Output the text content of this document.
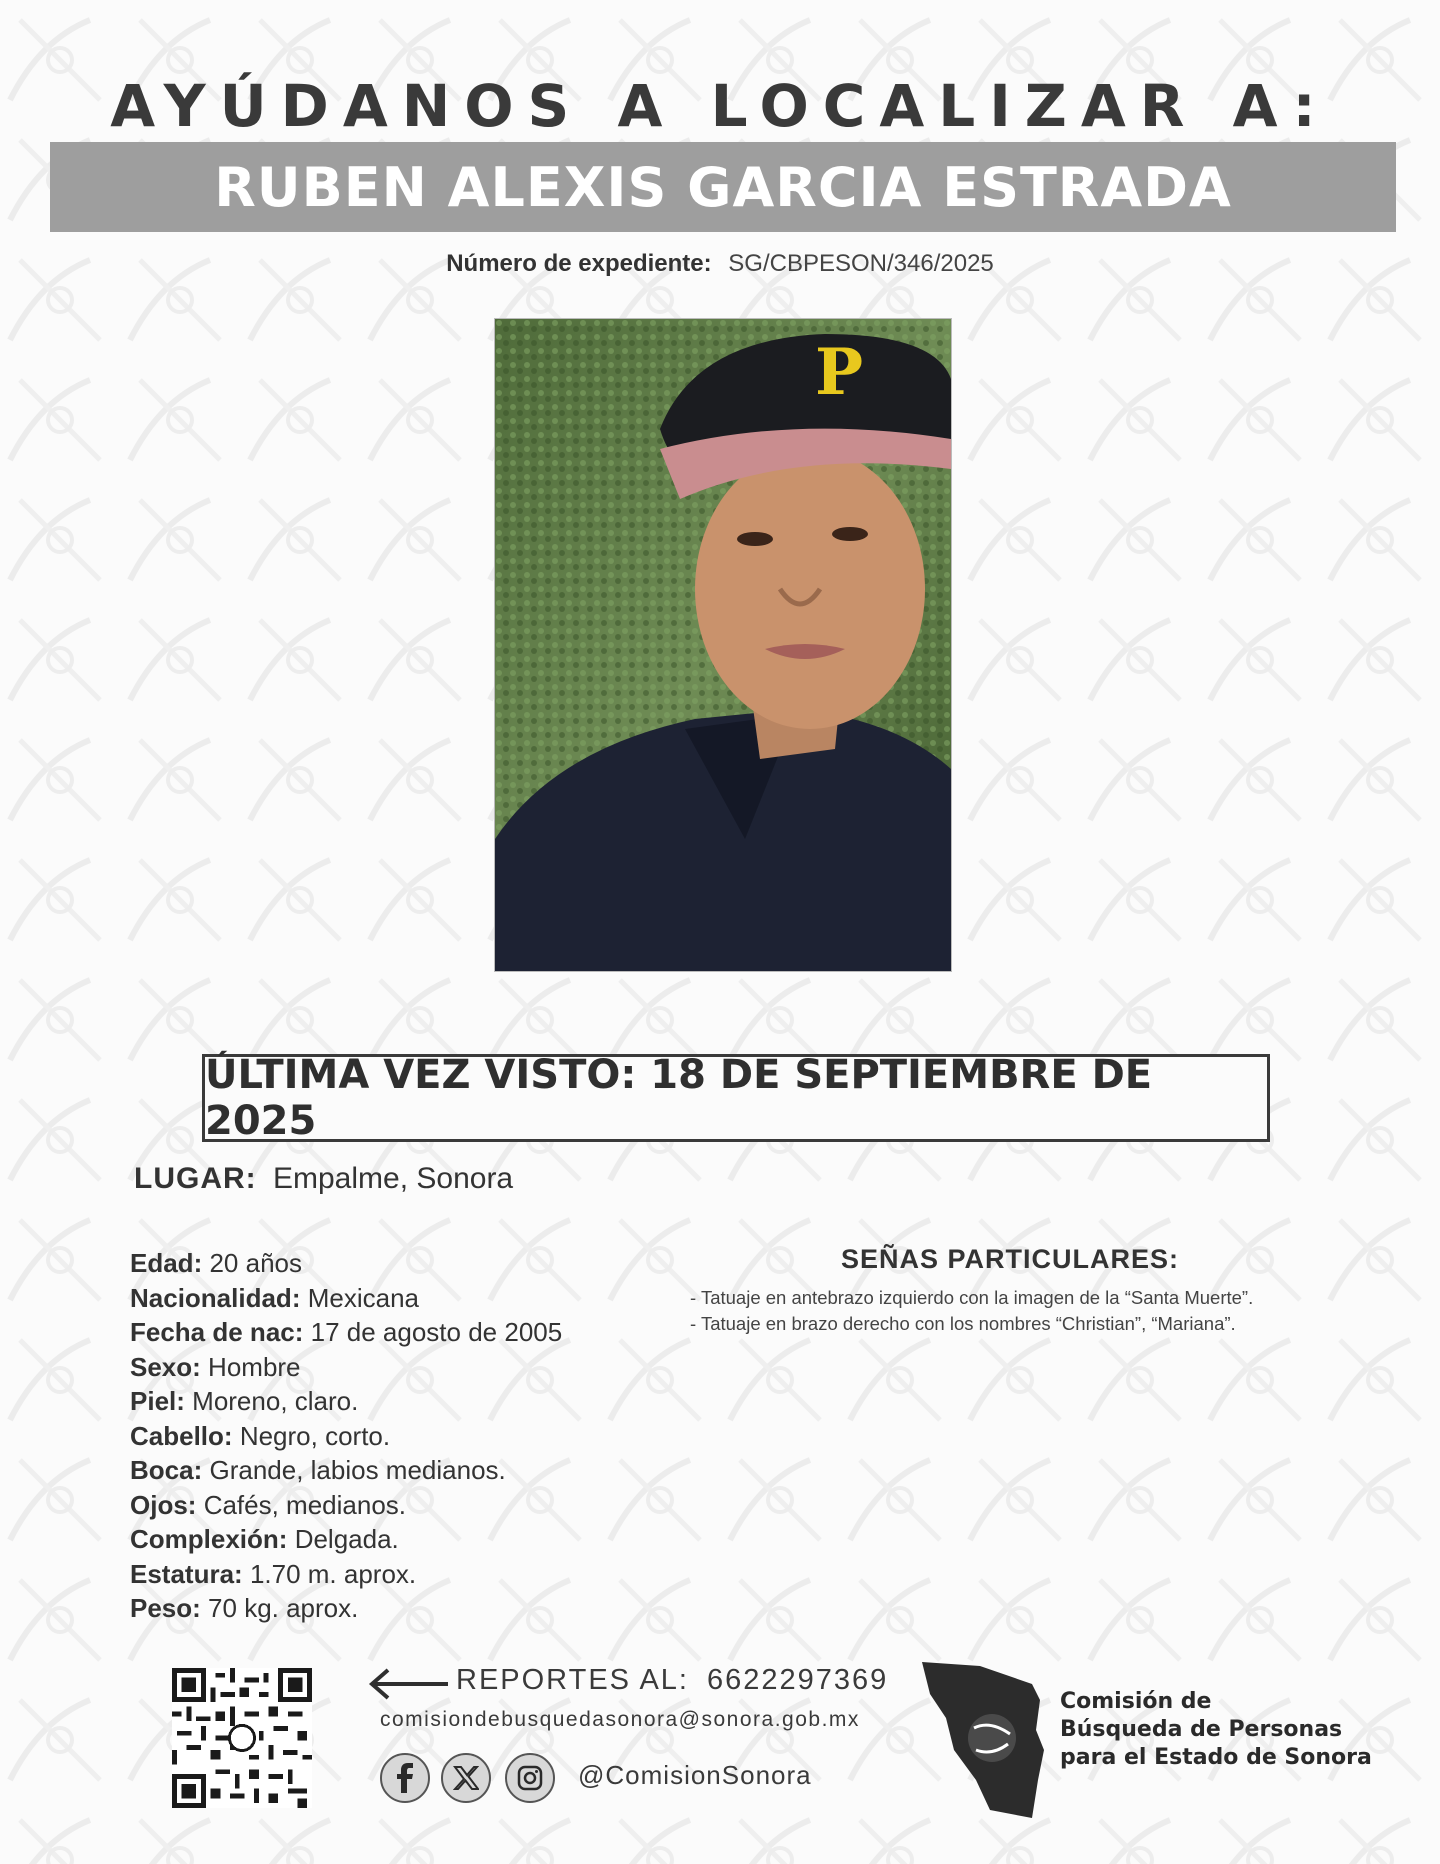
AYÚDANOS A LOCALIZAR A:
RUBEN ALEXIS GARCIA ESTRADA
Número de expediente: SG/CBPESON/346/2025
P
ÚLTIMA VEZ VISTO: 18 DE SEPTIEMBRE DE 2025
LUGAR: Empalme, Sonora
Edad: 20 años
Nacionalidad: Mexicana
Fecha de nac: 17 de agosto de 2005
Sexo: Hombre
Piel: Moreno, claro.
Cabello: Negro, corto.
Boca: Grande, labios medianos.
Ojos: Cafés, medianos.
Complexión: Delgada.
Estatura: 1.70 m. aprox.
Peso: 70 kg. aprox.
SEÑAS PARTICULARES:
- Tatuaje en antebrazo izquierdo con la imagen de la “Santa Muerte”.
- Tatuaje en brazo derecho con los nombres “Christian”, “Mariana”.
REPORTES AL: 6622297369
comisiondebusquedasonora@sonora.gob.mx
@ComisionSonora
Comisión de
Búsqueda de Personas
para el Estado de Sonora
